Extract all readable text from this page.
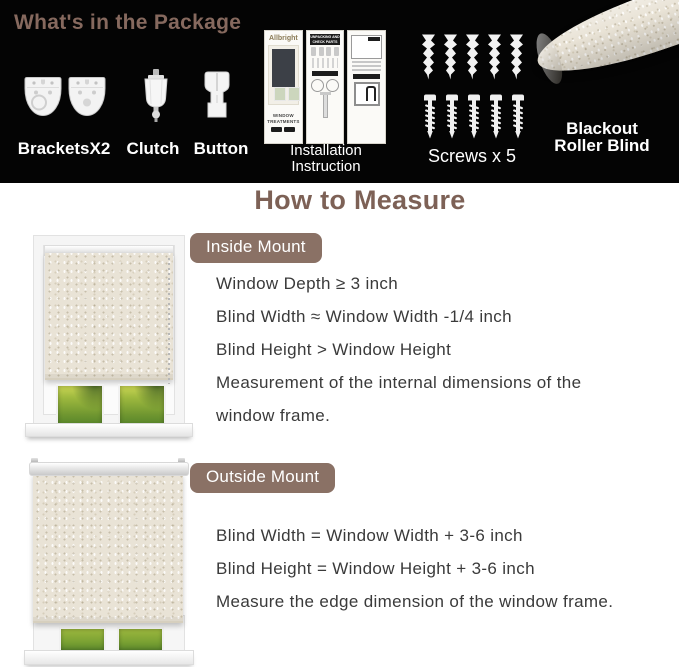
What's in the Package
Allbright
WINDOW
TREATMENTS
UNPACKING AND CHECK PARTS
BracketsX2 Clutch Button	Installation
Instruction
Screws x 5
Blackout
Roller Blind
How to Measure
Inside Mount

Window Depth ≥ 3 inch

Blind Width ≈ Window Width -1/4 inch

Blind Height > Window Height

Measurement of the internal dimensions of the

window frame.

Outside Mount

Blind Width = Window Width + 3-6 inch

Blind Height = Window Height + 3-6 inch

Measure the edge dimension of the window frame.
